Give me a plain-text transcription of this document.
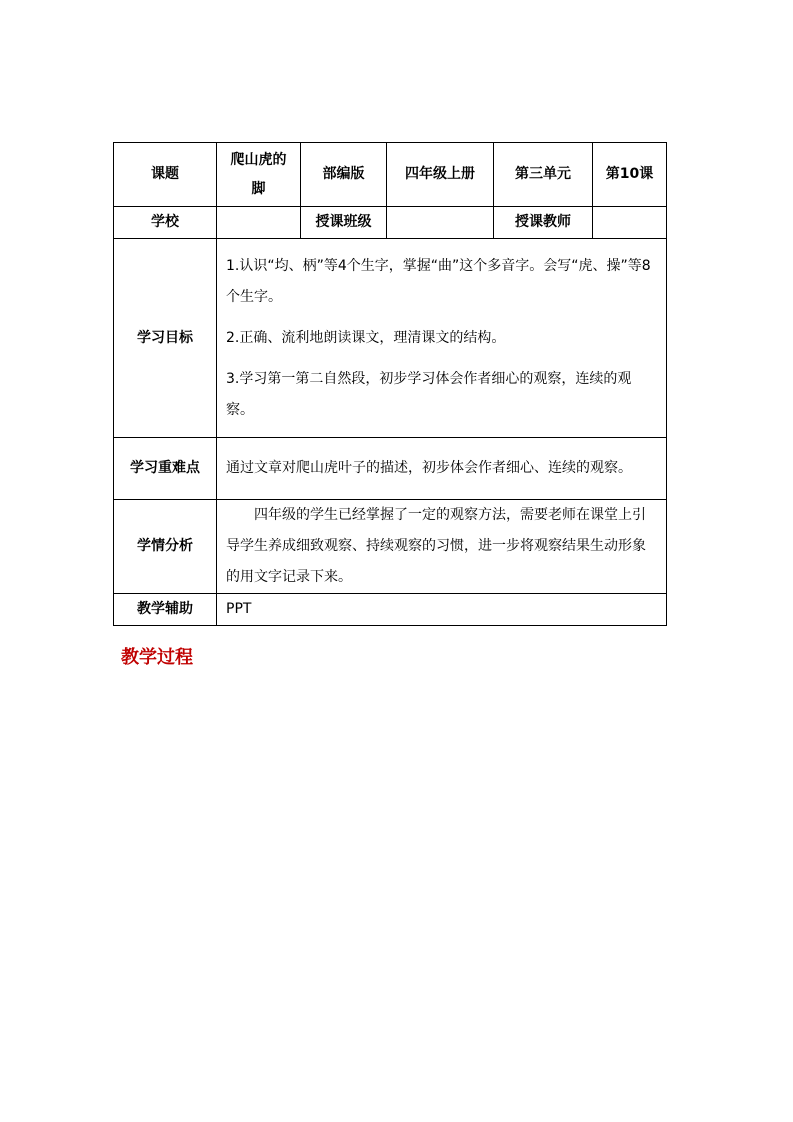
课题	爬山虎的
脚	部编版	四年级上册	第三单元	第10课
学校		授课班级		授课教师	
学习目标	1.认识“均、柄”等4个生字，掌握“曲”这个多音字。会写“虎、操”等8个生字。

2.正确、流利地朗读课文，理清课文的结构。

3.学习第一第二自然段，初步学习体会作者细心的观察，连续的观察。				

学习重难点	通过文章对爬山虎叶子的描述，初步体会作者细心、连续的观察。				

学情分析	四年级的学生已经掌握了一定的观察方法，需要老师在课堂上引导学生养成细致观察、持续观察的习惯，进一步将观察结果生动形象的用文字记录下来。				

教学辅助	PPT				

教学过程
